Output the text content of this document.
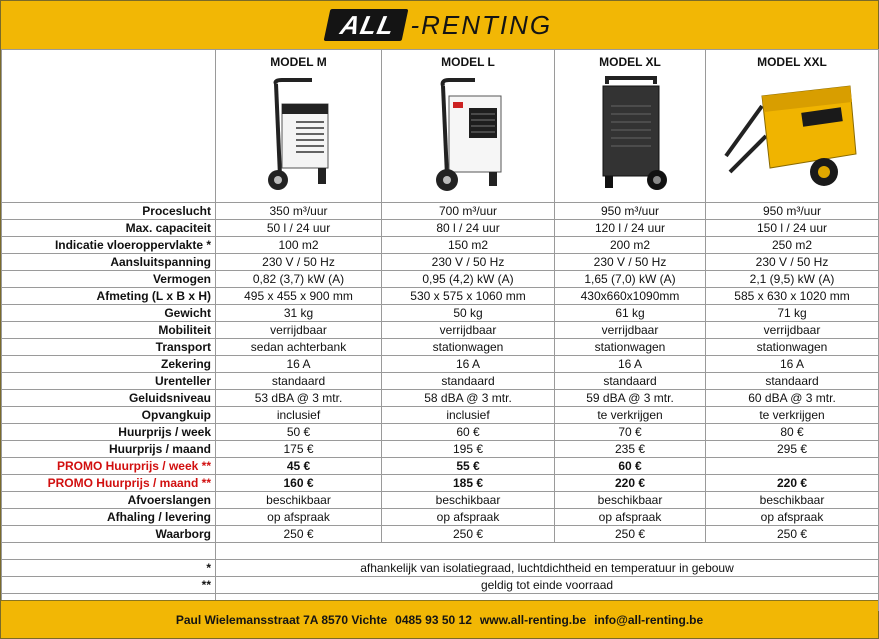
ALL -RENTING

	MODEL M	MODEL L	MODEL XL	MODEL XXL

Proceslucht	350 m³/uur	700 m³/uur	950 m³/uur	950 m³/uur
Max. capaciteit	50 l / 24 uur	80 l / 24 uur	120 l / 24 uur	150 l / 24 uur
Indicatie vloeroppervlakte *	100 m2	150 m2	200 m2	250 m2
Aansluitspanning	230 V / 50 Hz	230 V / 50 Hz	230 V / 50 Hz	230 V / 50 Hz
Vermogen	0,82 (3,7) kW (A)	0,95 (4,2) kW (A)	1,65 (7,0) kW (A)	2,1 (9,5) kW (A)
Afmeting (L x B x H)	495 x 455 x 900 mm	530 x 575 x 1060 mm	430x660x1090mm	585 x 630 x 1020 mm
Gewicht	31 kg	50 kg	61 kg	71 kg
Mobiliteit	verrijdbaar	verrijdbaar	verrijdbaar	verrijdbaar
Transport	sedan achterbank	stationwagen	stationwagen	stationwagen
Zekering	16 A	16 A	16 A	16 A
Urenteller	standaard	standaard	standaard	standaard
Geluidsniveau	53 dBA @ 3 mtr.	58 dBA @ 3 mtr.	59 dBA @ 3 mtr.	60 dBA @ 3 mtr.
Opvangkuip	inclusief	inclusief	te verkrijgen	te verkrijgen
Huurprijs / week	50 €	60 €	70 €	80 €
Huurprijs / maand	175 €	195 €	235 €	295 €
PROMO Huurprijs / week **	45 €	55 €	60 €	
PROMO Huurprijs / maand **	160 €	185 €	220 €	220 €
Afvoerslangen	beschikbaar	beschikbaar	beschikbaar	beschikbaar
Afhaling / levering	op afspraak	op afspraak	op afspraak	op afspraak
Waarborg	250 €	250 €	250 €	250 €

*	afhankelijk van isolatiegraad, luchtdichtheid en temperatuur in gebouw			
**	geldig tot einde voorraad			

Paul Wielemansstraat 7A 8570 Vichte 0485 93 50 12 www.all-renting.be info@all-renting.be
